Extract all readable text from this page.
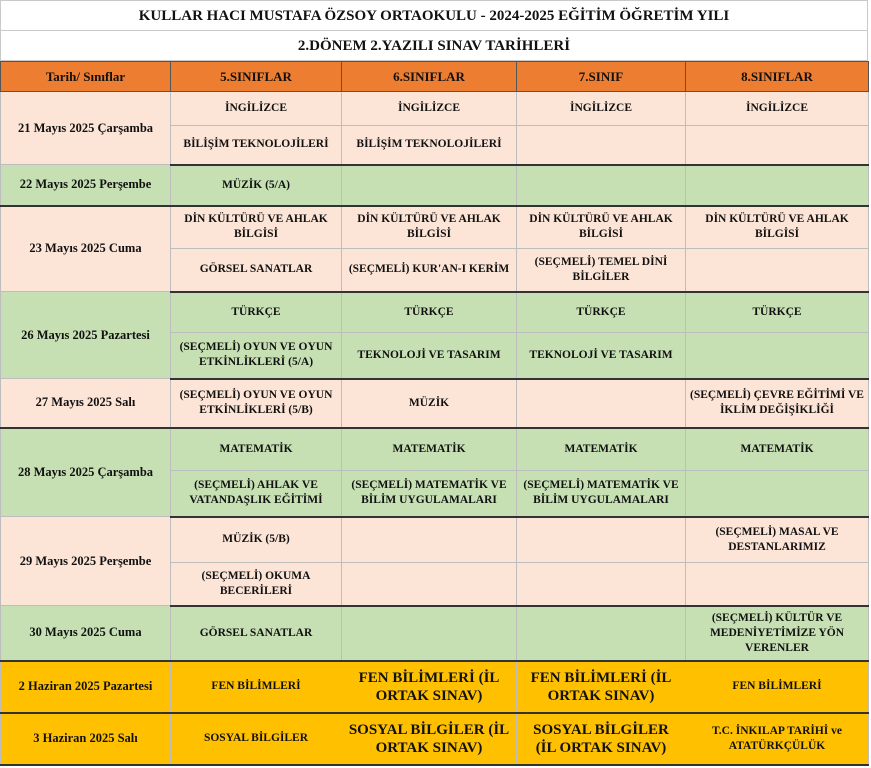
KULLAR HACI MUSTAFA ÖZSOY ORTAOKULU - 2024-2025 EĞİTİM ÖĞRETİM YILI
2.DÖNEM 2.YAZILI SINAV TARİHLERİ
Tarih/ Sınıflar	5.SINIFLAR	6.SINIFLAR	7.SINIF	8.SINIFLAR
21 Mayıs 2025 Çarşamba	İNGİLİZCE	İNGİLİZCE	İNGİLİZCE	İNGİLİZCE
	BİLİŞİM TEKNOLOJİLERİ	BİLİŞİM TEKNOLOJİLERİ		
22 Mayıs 2025 Perşembe	MÜZİK (5/A)			
23 Mayıs 2025 Cuma	DİN KÜLTÜRÜ VE AHLAK BİLGİSİ	DİN KÜLTÜRÜ VE AHLAK BİLGİSİ	DİN KÜLTÜRÜ VE AHLAK BİLGİSİ	DİN KÜLTÜRÜ VE AHLAK BİLGİSİ
	GÖRSEL SANATLAR	(SEÇMELİ) KUR'AN-I KERİM	(SEÇMELİ) TEMEL DİNİ BİLGİLER	
26 Mayıs 2025 Pazartesi	TÜRKÇE	TÜRKÇE	TÜRKÇE	TÜRKÇE
	(SEÇMELİ) OYUN VE OYUN ETKİNLİKLERİ (5/A)	TEKNOLOJİ VE TASARIM	TEKNOLOJİ VE TASARIM	
27 Mayıs 2025 Salı	(SEÇMELİ) OYUN VE OYUN ETKİNLİKLERİ (5/B)	MÜZİK		(SEÇMELİ) ÇEVRE EĞİTİMİ VE İKLİM DEĞİŞİKLİĞİ
28 Mayıs 2025 Çarşamba	MATEMATİK	MATEMATİK	MATEMATİK	MATEMATİK
	(SEÇMELİ) AHLAK VE VATANDAŞLIK EĞİTİMİ	(SEÇMELİ) MATEMATİK VE BİLİM UYGULAMALARI	(SEÇMELİ) MATEMATİK VE BİLİM UYGULAMALARI	
29 Mayıs 2025 Perşembe	MÜZİK (5/B)			(SEÇMELİ) MASAL VE DESTANLARIMIZ
	(SEÇMELİ) OKUMA BECERİLERİ			
30 Mayıs 2025 Cuma	GÖRSEL SANATLAR			(SEÇMELİ) KÜLTÜR VE MEDENİYETİMİZE YÖN VERENLER
2 Haziran 2025 Pazartesi	FEN BİLİMLERİ	FEN BİLİMLERİ (İL ORTAK SINAV)	FEN BİLİMLERİ (İL ORTAK SINAV)	FEN BİLİMLERİ
3 Haziran 2025 Salı	SOSYAL BİLGİLER	SOSYAL BİLGİLER (İL ORTAK SINAV)	SOSYAL BİLGİLER (İL ORTAK SINAV)	T.C. İNKILAP TARİHİ ve ATATÜRKÇÜLÜK
